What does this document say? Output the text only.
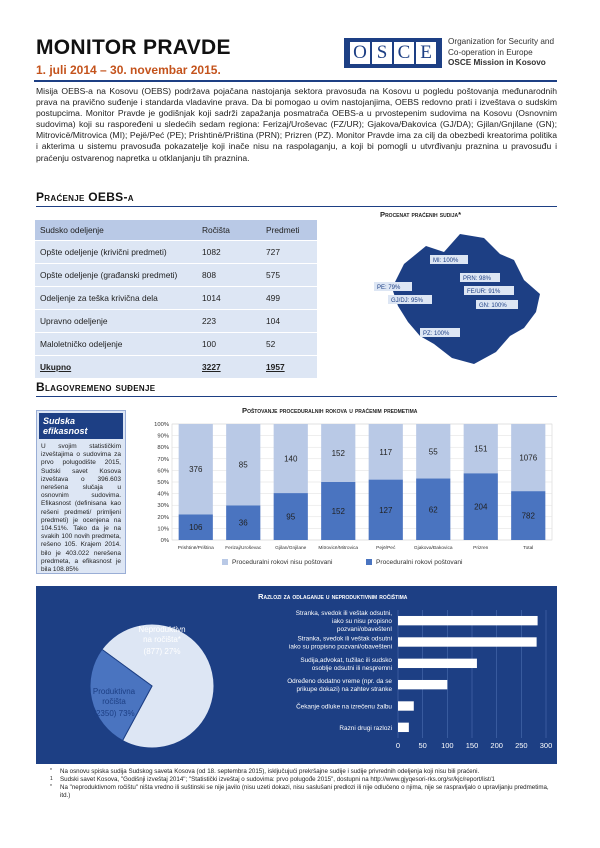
MONITOR PRAVDE
1. juli 2014 – 30. novembar 2015.
O S C E
Organization for Security and
Co-operation in Europe
OSCE Mission in Kosovo
Misija OEBS-a na Kosovu (OEBS) podržava pojačana nastojanja sektora pravosuđa na Kosovu u pogledu poštovanja međunarodnih prava na pravično suđenje i standarda vladavine prava. Da bi pomogao u ovim nastojanjima, OEBS redovno prati i izveštava o sudskim postupcima. Monitor Pravde je godišnjak koji sadrži zapažanja posmatrača OEBS-a u prvostepenim sudovima na Kosovu (Osnovnim sudovima) koji su raspoređeni u sledećih sedam regiona: Ferizaj/Uroševac (FZ/UR); Gjakova/Đakovica (GJ/DA); Gjilan/Gnjilane (GN); Mitrovicë/Mitrovica (MI); Pejë/Peć (PE); Prishtinë/Priština (PRN); Prizren (PZ). Monitor Pravde ima za cilj da obezbedi kreatorima politika i akterima u sistemu pravosuđa pokazatelje koji inače nisu na raspolaganju, a koji bi pomogli u utvrđivanju praznina u pravosuđu i praćenju ostvarenog napretka u otklanjanju tih praznina.
Praćenje OEBS-a
Sudsko odeljenje	Ročišta	Predmeti
Opšte odeljenje (krivični predmeti)	1082	727
Opšte odeljenje (građanski predmeti)	808	575
Odeljenje za teška krivična dela	1014	499
Upravno odeljenje	223	104
Maloletničko odeljenje	100	52
Ukupno	3227	1957
Procenat praćenih sudija*
MI: 100%
PRN: 98%
PE: 79%
FE/UR: 91%
GJ/DJ: 95%
GN: 100%
PZ: 100%
Blagovremeno suđenje
Sudska efikasnost
U svojim statističkim izveštajima o sudovima za prvo polugodište 2015, Sudski savet Kosova izveštava o 396.603 nerešena slučaja u osnovnim sudovima. Efikasnost (definisana kao rešeni predmeti/ primljeni predmeti) je ocenjena na 104.51%. Tako da je na svakih 100 novih predmeta, rešeno 105. Krajem 2014. bilo je 403.022 nerešena predmeta, a efikasnost je bila 108.85%
Poštovanje proceduralnih rokova u praćenim predmetima
0%
10%
20%
30%
40%
50%
60%
70%
80%
90%
100%
376
106
Prishtinë/Priština
85
36
Ferizaj/Uroševac
140
95
Gjilan/Gnjilane
152
152
Mitrovicë/Mitrovica
117
127
Pejë/Peć
55
62
Gjakova/Đakovica
151
204
Prizren
1076
782
Total
Proceduralni rokovi nisu poštovani	Proceduralni rokovi poštovani
Razlozi za odlaganje u neproduktivnim ročištima
Produktivna
ročišta
(2350) 73%
Neproduktivn
na ročišta*
(877) 27%
0 50 100 150 200 250 300
Stranka, svedok ili veštak odsutni,
iako su nisu propisno
pozvani/obaveštenI
Stranka, svedok ili veštak odsutni
iako su propisno pozvani/obavešteni
Sudija,advokat, tužilac ili sudsko
osoblje odsutni ili nespremni
Određeno dodatno vreme (npr. da se
prikupe dokazi) na zahtev stranke
Čekanje odluke na izrečenu žalbu
Razni drugi razlozi
* Na osnovu spiska sudija Sudskog saveta Kosova (od 18. septembra 2015), isključujući prekršajne sudije i sudije privrednih odeljenja koji nisu bili praćeni.
1 Sudski savet Kosova, "Godišnji izveštaj 2014"; "Statistički izveštaj o sudovima: prvo polugođe 2015", dostupni na http://www.gjyqesori-rks.org/sr/kjc/report/list/1
* Na "neproduktivnom ročištu" ništa vredno ili suštinski se nije javilo (nisu uzeti dokazi, nisu saslušani predlozi ili nije odlučeno o njima, nije se raspravljalo o upravljanju predmetima, itd.)
